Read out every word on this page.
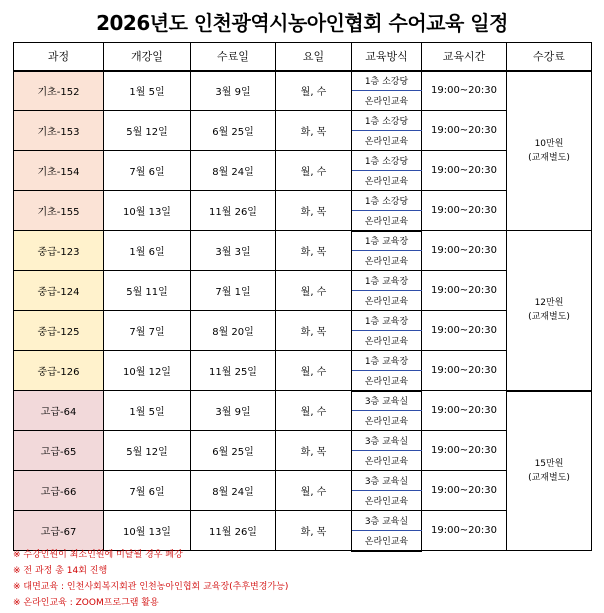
2026년도 인천광역시농아인협회 수어교육 일정
과정	개강일	수료일	요일	교육방식	교육시간	수강료
기초-152	1월 5일	3월 9일	월, 수	1층 소강당	19:00~20:30	10만원
(교재별도)

				온라인교육		
기초-153	5월 12일	6월 25일	화, 목	1층 소강당	19:00~20:30	
				온라인교육		
기초-154	7월 6일	8월 24일	월, 수	1층 소강당	19:00~20:30	
				온라인교육		
기초-155	10월 13일	11월 26일	화, 목	1층 소강당	19:00~20:30	
				온라인교육		
중급-123	1월 6일	3월 3일	화, 목	1층 교육장	19:00~20:30	12만원
(교재별도)

				온라인교육		
중급-124	5월 11일	7월 1일	월, 수	1층 교육장	19:00~20:30	
				온라인교육		
중급-125	7월 7일	8월 20일	화, 목	1층 교육장	19:00~20:30	
				온라인교육		
중급-126	10월 12일	11월 25일	월, 수	1층 교육장	19:00~20:30	
				온라인교육		
고급-64	1월 5일	3월 9일	월, 수	3층 교육실	19:00~20:30	15만원
(교재별도)

				온라인교육		
고급-65	5월 12일	6월 25일	화, 목	3층 교육실	19:00~20:30	
				온라인교육		
고급-66	7월 6일	8월 24일	월, 수	3층 교육실	19:00~20:30	
				온라인교육		
고급-67	10월 13일	11월 26일	화, 목	3층 교육실	19:00~20:30	
				온라인교육		
※ 수강인원이 최소인원에 미달될 경우 폐강
※ 전 과정 총 14회 진행
※ 대면교육 : 인천사회복지회관 인천농아인협회 교육장(추후변경가능)
※ 온라인교육 : ZOOM프로그램 활용
